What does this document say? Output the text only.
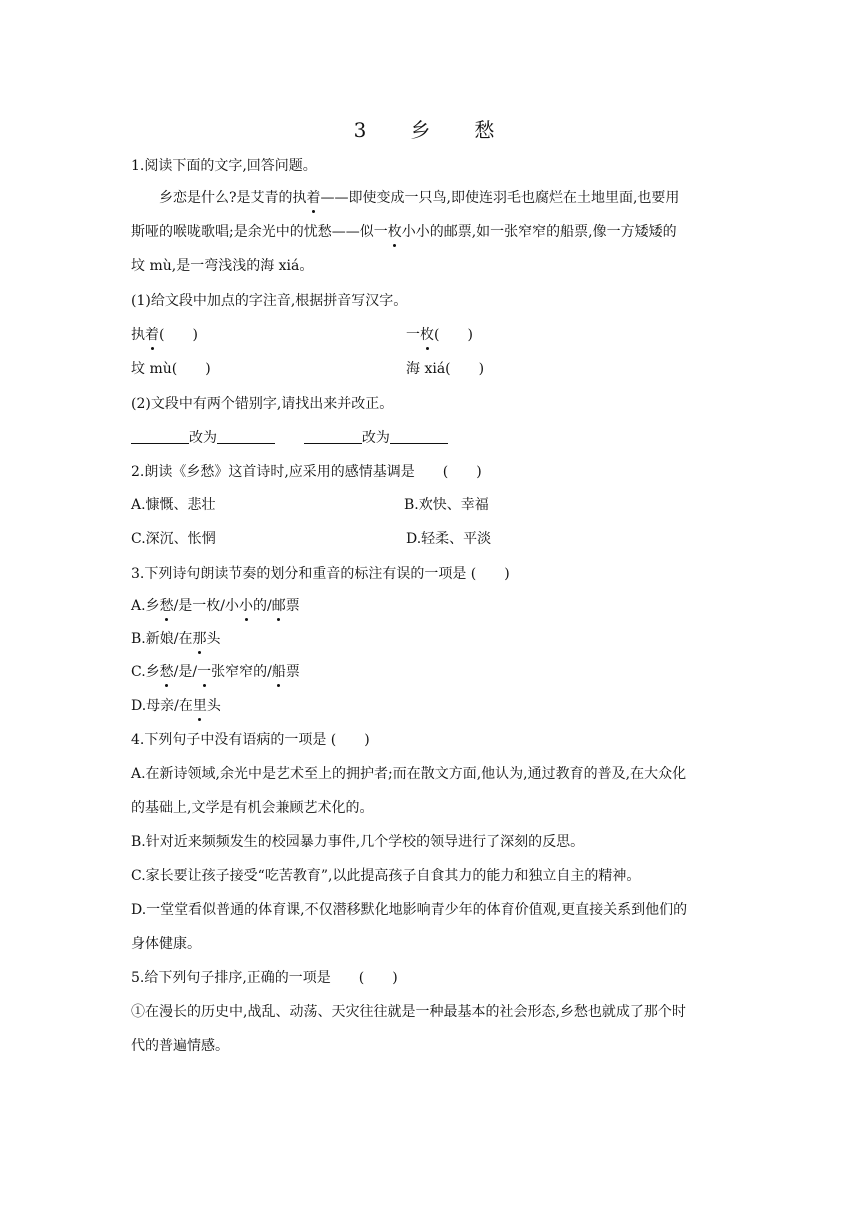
3　乡　愁
1.阅读下面的文字,回答问题。
乡恋是什么?是艾青的执着——即使变成一只鸟,即使连羽毛也腐烂在土地里面,也要用
斯哑的喉咙歌唱;是余光中的忧愁——似一枚小小的邮票,如一张窄窄的船票,像一方矮矮的
坟 mù,是一弯浅浅的海 xiá。
(1)给文段中加点的字注音,根据拼音写汉字。
执着(　　)	一枚(　　)
坟 mù(　　)	海 xiá(　　)
(2)文段中有两个错别字,请找出来并改正。
改为	改为
2.朗读《乡愁》这首诗时,应采用的感情基调是　　(　　)
A.慷慨、悲壮	B.欢快、幸福
C.深沉、怅惘	D.轻柔、平淡
3.下列诗句朗读节奏的划分和重音的标注有误的一项是 (　　)
A.乡愁/是一枚/小小的/邮票
B.新娘/在那头
C.乡愁/是/一张窄窄的/船票
D.母亲/在里头
4.下列句子中没有语病的一项是 (　　)
A.在新诗领域,余光中是艺术至上的拥护者;而在散文方面,他认为,通过教育的普及,在大众化
的基础上,文学是有机会兼顾艺术化的。
B.针对近来频频发生的校园暴力事件,几个学校的领导进行了深刻的反思。
C.家长要让孩子接受“吃苦教育”,以此提高孩子自食其力的能力和独立自主的精神。
D.一堂堂看似普通的体育课,不仅潜移默化地影响青少年的体育价值观,更直接关系到他们的
身体健康。
5.给下列句子排序,正确的一项是　　(　　)
①在漫长的历史中,战乱、动荡、天灾往往就是一种最基本的社会形态,乡愁也就成了那个时
代的普遍情感。
